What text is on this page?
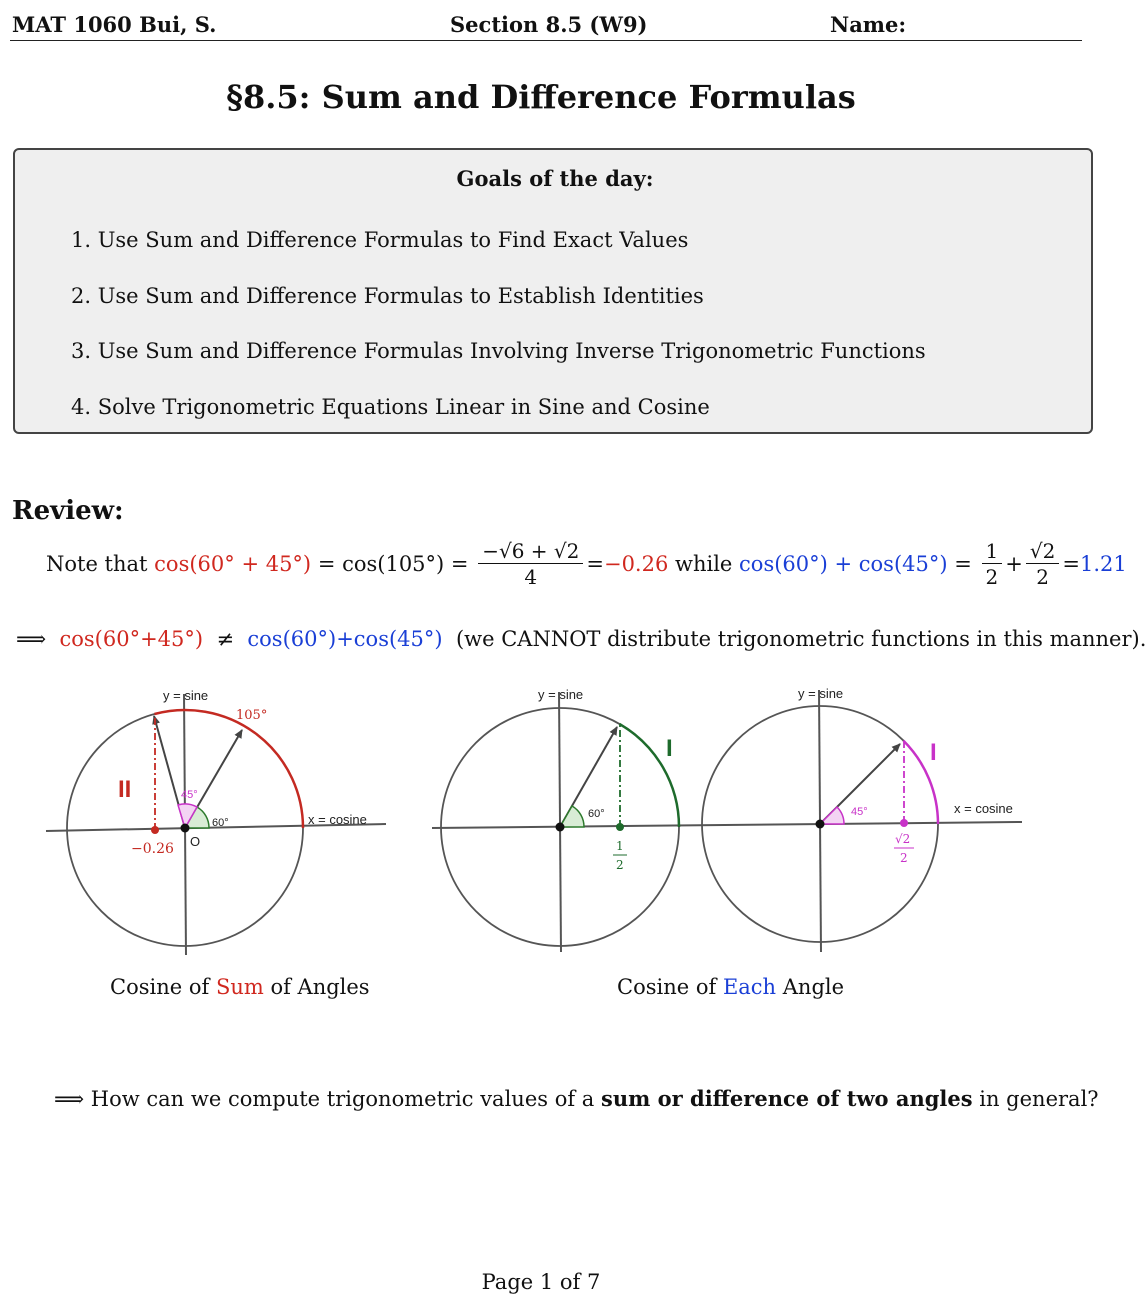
MAT 1060 Bui, S.	Section 8.5 (W9)	Name:
§8.5: Sum and Difference Formulas
Goals of the day:
1. Use Sum and Difference Formulas to Find Exact Values
2. Use Sum and Difference Formulas to Establish Identities
3. Use Sum and Difference Formulas Involving Inverse Trigonometric Functions
4. Solve Trigonometric Equations Linear in Sine and Cosine
Review:
Note that $\cos(60^\circ + 45^\circ) = \cos(105^\circ) = \frac{-√6 + √2}{4} = -0.26$ while $\cos(60^\circ) + \cos(45^\circ) = \frac{1}{2} + \frac{√2}{2} = 1.21$
⟹  cos(60°+45°)  ≠  cos(60°)+cos(45°)  (we CANNOT distribute trigonometric functions in this manner).
y = sine
x = cosine
105°
60°
45°
II
−0.26 O
y = sine
60°
I
1
2
y = sine
x = cosine
45°
I
√2
2
Cosine of Sum of Angles	Cosine of Each Angle
⟹ How can we compute trigonometric values of a sum or difference of two angles in general?
Page 1 of 7
